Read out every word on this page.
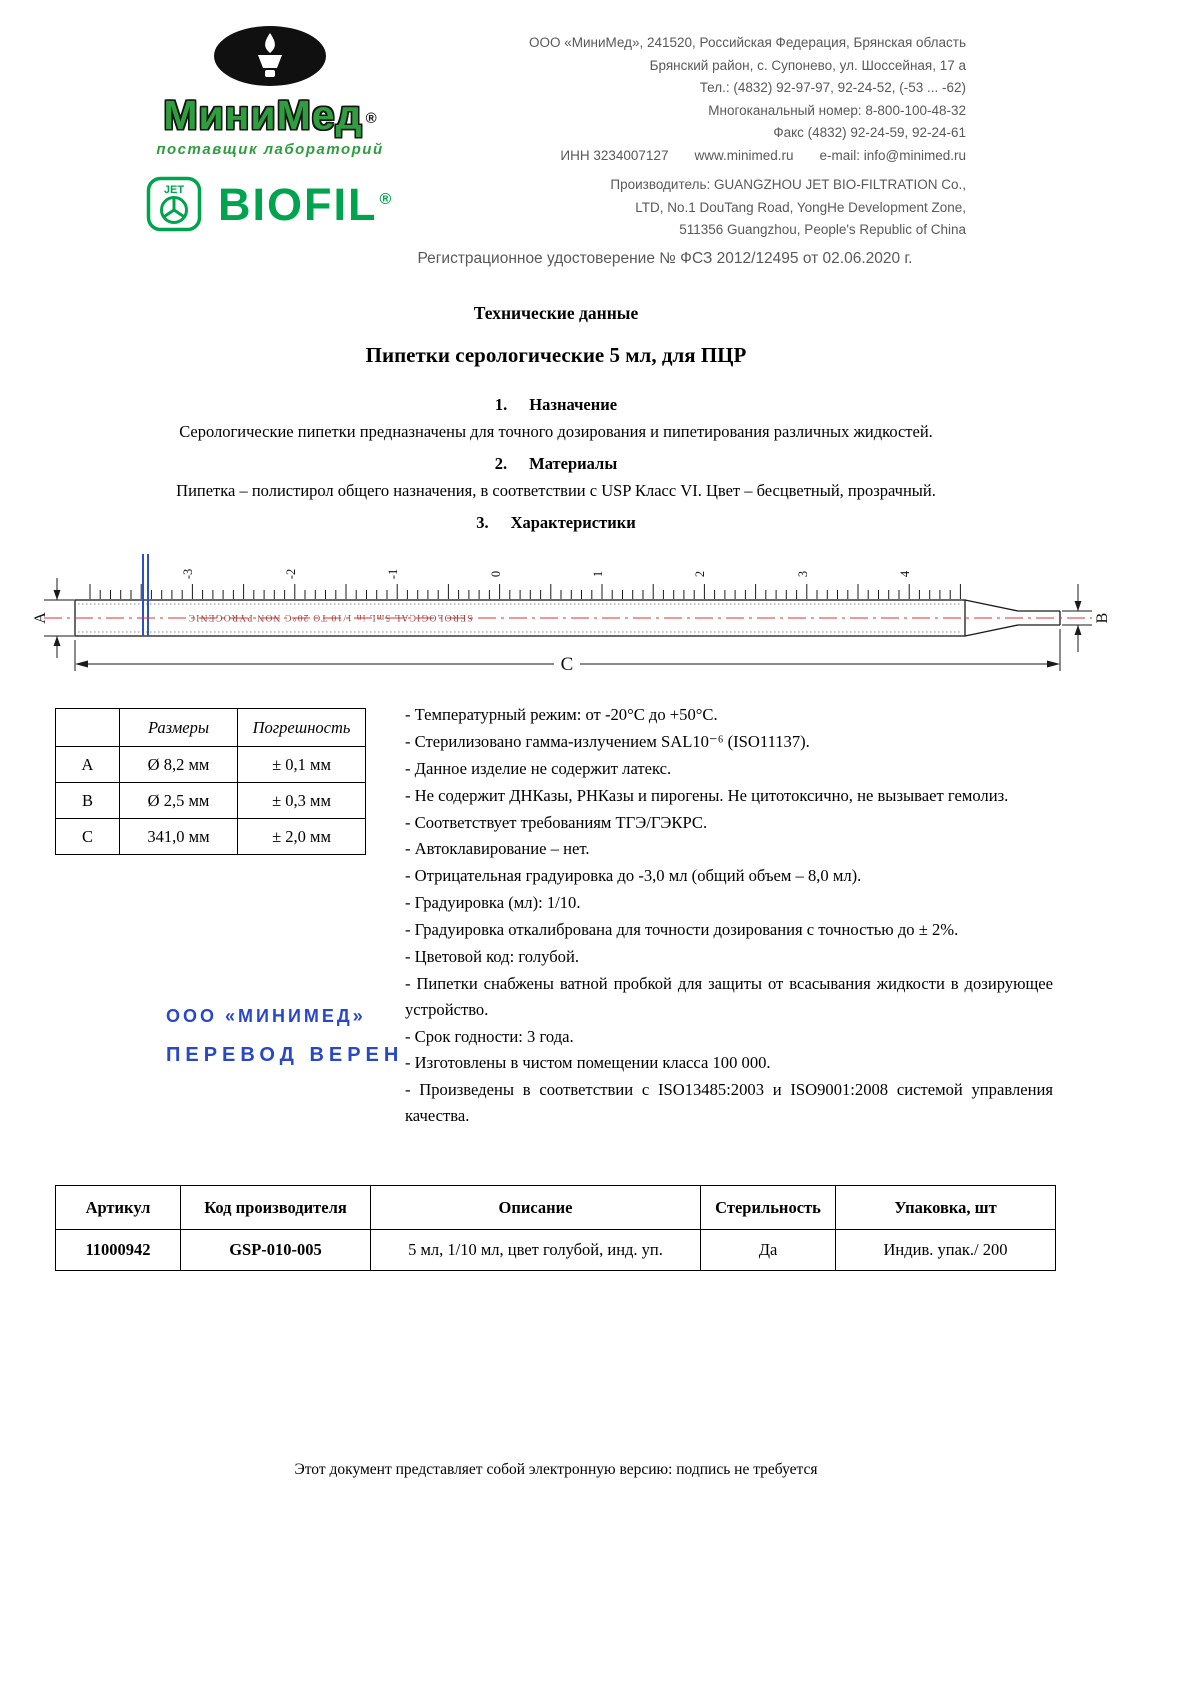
МиниМед ®
поставщик лабораторий
ООО «МиниМед», 241520, Российская Федерация, Брянская область
Брянский район, с. Супонево, ул. Шоссейная, 17 а
Тел.: (4832) 92-97-97, 92-24-52, (-53 ... -62)
Многоканальный номер: 8-800-100-48-32
Факс (4832) 92-24-59, 92-24-61
ИНН 3234007127 www.minimed.ru e-mail: info@minimed.ru
JET BIOFIL ®
Производитель: GUANGZHOU JET BIO-FILTRATION Co.,
LTD, No.1 DouTang Road, YongHe Development Zone,
511356 Guangzhou, People's Republic of China
Регистрационное удостоверение № ФСЗ 2012/12495 от 02.06.2020 г.
Технические данные
Пипетки серологические 5 мл, для ПЦР
1. Назначение
Серологические пипетки предназначены для точного дозирования и пипетирования различных жидкостей.
2. Материалы
Пипетка – полистирол общего назначения, в соответствии с USP Класс VI. Цвет – бесцветный, прозрачный.
3. Характеристики
-3	-2	-1	0	1	2	3	4
SEROLOGICAL 5mL in 1/10 TO 20°C NON PYROGENIC
A	B
C
	Размеры	Погрешность
A	Ø 8,2 мм	± 0,1 мм
B	Ø 2,5 мм	± 0,3 мм
C	341,0 мм	± 2,0 мм
- Температурный режим: от -20°С до +50°С.
- Стерилизовано гамма-излучением SAL10⁻⁶ (ISO11137).
- Данное изделие не содержит латекс.
- Не содержит ДНКазы, РНКазы и пирогены. Не цитотоксично, не вызывает гемолиз.
- Соответствует требованиям ТГЭ/ГЭКРС.
- Автоклавирование – нет.
- Отрицательная градуировка до -3,0 мл (общий объем – 8,0 мл).
- Градуировка (мл): 1/10.
- Градуировка откалибрована для точности дозирования с точностью до ± 2%.
- Цветовой код: голубой.
- Пипетки снабжены ватной пробкой для защиты от всасывания жидкости в дозирующее устройство.
- Срок годности: 3 года.
- Изготовлены в чистом помещении класса 100 000.
- Произведены в соответствии с ISO13485:2003 и ISO9001:2008 системой управления качества.
ООО «МИНИМЕД»
ПЕРЕВОД ВЕРЕН
Артикул	Код производителя	Описание	Стерильность	Упаковка, шт
11000942	GSP-010-005	5 мл, 1/10 мл, цвет голубой, инд. уп.	Да	Индив. упак./ 200
Этот документ представляет собой электронную версию: подпись не требуется
